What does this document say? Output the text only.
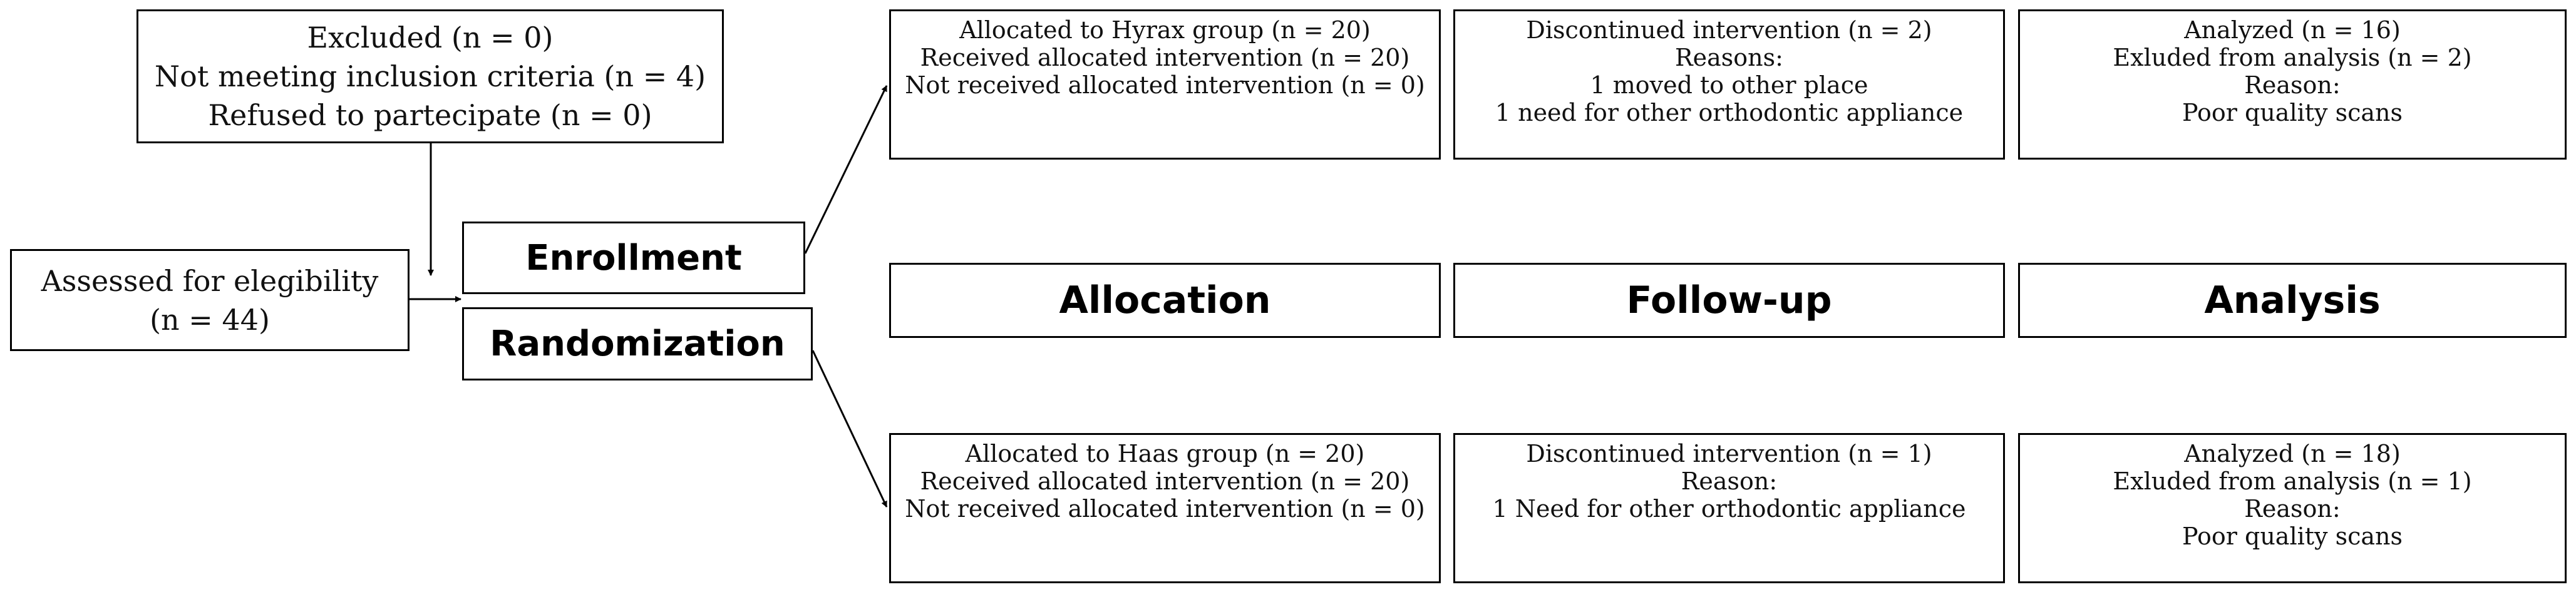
Excluded (n = 0)
Not meeting inclusion criteria (n = 4)
Refused to partecipate (n = 0)
Assessed for elegibility
(n = 44)
Enrollment
Randomization
Allocated to Hyrax group (n = 20)
Received allocated intervention (n = 20)
Not received allocated intervention (n = 0)
Discontinued intervention (n = 2)
Reasons:
1 moved to other place
1 need for other orthodontic appliance
Analyzed (n = 16)
Exluded from analysis (n = 2)
Reason:
Poor quality scans
Allocation	Follow-up	Analysis
Allocated to Haas group (n = 20)
Received allocated intervention (n = 20)
Not received allocated intervention (n = 0)
Discontinued intervention (n = 1)
Reason:
1 Need for other orthodontic appliance
Analyzed (n = 18)
Exluded from analysis (n = 1)
Reason:
Poor quality scans
